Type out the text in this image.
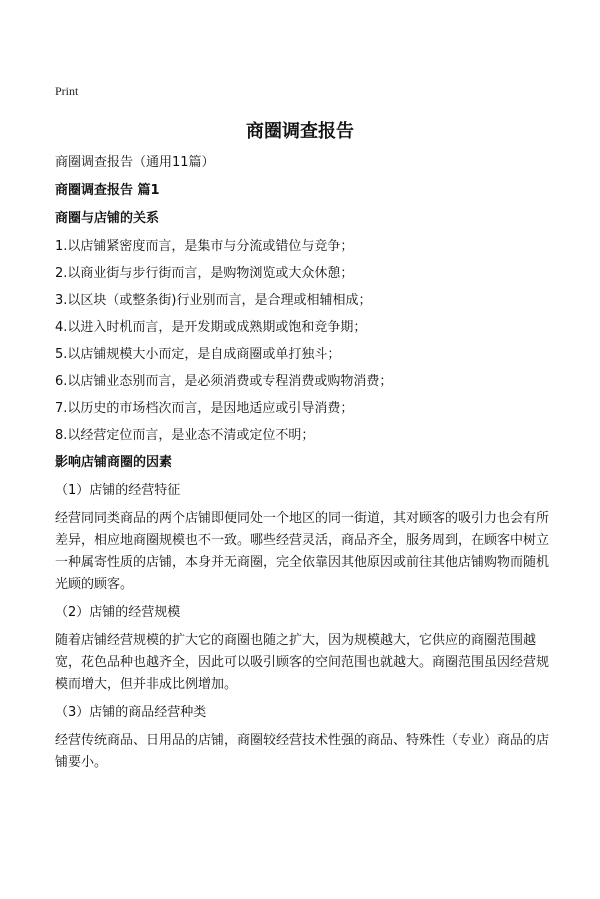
Print
商圈调查报告

商圈调查报告（通用11篇）

商圈调查报告 篇1

商圈与店铺的关系

1.以店铺紧密度而言，是集市与分流或错位与竞争；
2.以商业街与步行街而言，是购物浏览或大众休憩；
3.以区块（或整条街)行业别而言，是合理或相辅相成；
4.以进入时机而言，是开发期或成熟期或饱和竞争期；
5.以店铺规模大小而定，是自成商圈或单打独斗；
6.以店铺业态别而言，是必须消费或专程消费或购物消费；
7.以历史的市场档次而言，是因地适应或引导消费；
8.以经营定位而言，是业态不清或定位不明；

影响店铺商圈的因素

（1）店铺的经营特征

经营同同类商品的两个店铺即便同处一个地区的同一街道，其对顾客的吸引力也会有所差异，相应地商圈规模也不一致。哪些经营灵活，商品齐全，服务周到，在顾客中树立一种属寄性质的店铺，本身并无商圈，完全依靠因其他原因或前往其他店铺购物而随机光顾的顾客。

（2）店铺的经营规模

随着店铺经营规模的扩大它的商圈也随之扩大，因为规模越大，它供应的商圈范围越宽，花色品种也越齐全，因此可以吸引顾客的空间范围也就越大。商圈范围虽因经营规模而增大，但并非成比例增加。

（3）店铺的商品经营种类

经营传统商品、日用品的店铺，商圈较经营技术性强的商品、特殊性（专业）商品的店铺要小。
